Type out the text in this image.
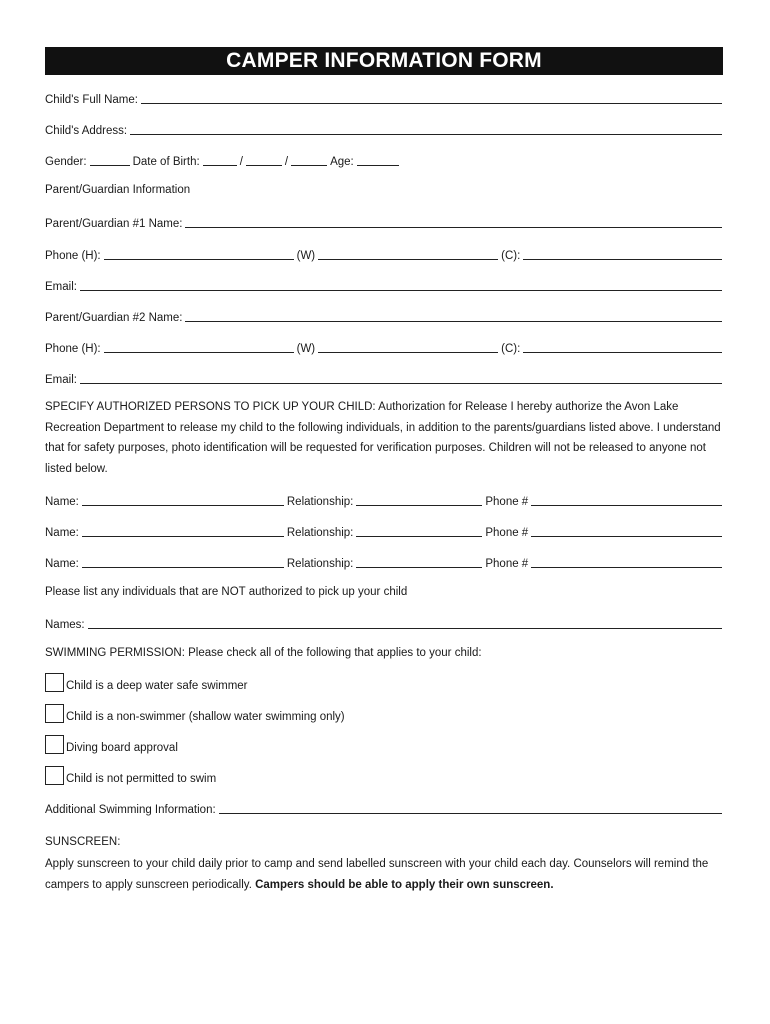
CAMPER INFORMATION FORM
Child's Full Name:
Child's Address:
Gender:	Date of Birth:	/	/	Age:
Parent/Guardian Information
Parent/Guardian #1 Name:
Phone (H):	(W)	(C):
Email:
Parent/Guardian #2 Name:
Phone (H):	(W)	(C):
Email:
SPECIFY AUTHORIZED PERSONS TO PICK UP YOUR CHILD: Authorization for Release I hereby authorize the Avon Lake Recreation Department to release my child to the following individuals, in addition to the parents/guardians listed above. I understand that for safety purposes, photo identification will be requested for verification purposes. Children will not be released to anyone not listed below.
Name:	Relationship:	Phone #
Name:	Relationship:	Phone #
Name:	Relationship:	Phone #
Please list any individuals that are NOT authorized to pick up your child
Names:
SWIMMING PERMISSION: Please check all of the following that applies to your child:
Child is a deep water safe swimmer
Child is a non-swimmer (shallow water swimming only)
Diving board approval
Child is not permitted to swim
Additional Swimming Information:
SUNSCREEN:
Apply sunscreen to your child daily prior to camp and send labelled sunscreen with your child each day. Counselors will remind the campers to apply sunscreen periodically. Campers should be able to apply their own sunscreen.
